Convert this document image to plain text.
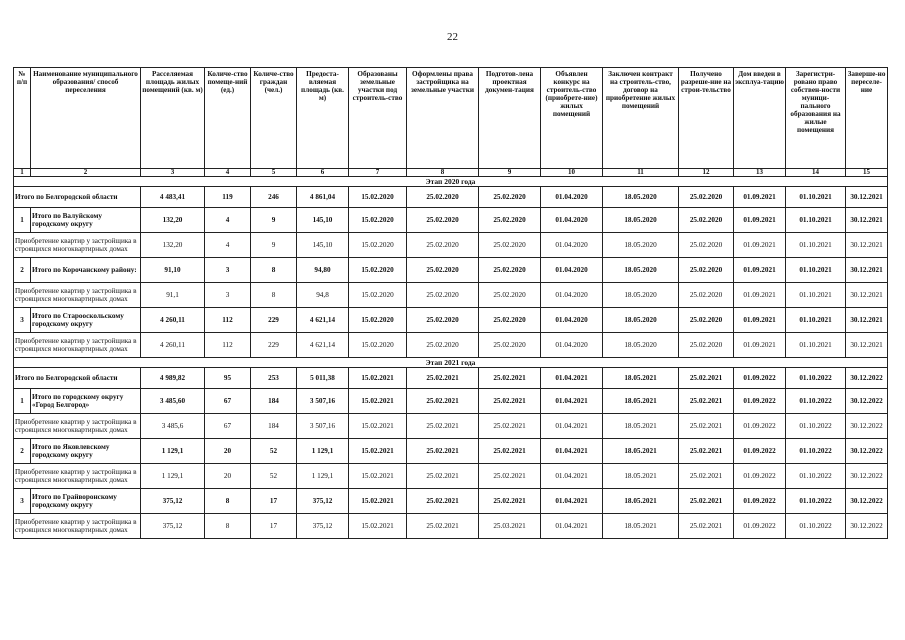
22
№ п/п	Наименование муниципального образования/ способ переселения	Расселяемая площадь жилых помещений (кв. м)	Количе-ство помеще-ний (ед.)	Количе-ство граждан (чел.)	Предоста-вляемая площадь (кв. м)	Образованы земельные участки под строитель-ство	Оформлены права застройщика на земельные участки	Подготов-лена проектная докумен-тация	Объявлен конкурс на строитель-ство (приобрете-ние) жилых помещений	Заключен контракт на строитель-ство, договор на приобретение жилых помещений	Получено разреше-ние на строи-тельство	Дом введен в эксплуа-тацию	Зарегистри-ровано право собствен-ности муници-пального образования на жилые помещения	Заверше-но переселе-ние
1	2	3	4	5	6	7	8	9	10	11	12	13	14	15
Этап 2020 года														
Итого по Белгородской области		4 483,41	119	246	4 861,04	15.02.2020	25.02.2020	25.02.2020	01.04.2020	18.05.2020	25.02.2020	01.09.2021	01.10.2021	30.12.2021
1	Итого по Валуйскому городскому округу	132,20	4	9	145,10	15.02.2020	25.02.2020	25.02.2020	01.04.2020	18.05.2020	25.02.2020	01.09.2021	01.10.2021	30.12.2021
Приобретение квартир у застройщика в строящихся многоквартирных домах		132,20	4	9	145,10	15.02.2020	25.02.2020	25.02.2020	01.04.2020	18.05.2020	25.02.2020	01.09.2021	01.10.2021	30.12.2021
2	Итого по Корочанскому району:	91,10	3	8	94,80	15.02.2020	25.02.2020	25.02.2020	01.04.2020	18.05.2020	25.02.2020	01.09.2021	01.10.2021	30.12.2021
Приобретение квартир у застройщика в строящихся многоквартирных домах		91,1	3	8	94,8	15.02.2020	25.02.2020	25.02.2020	01.04.2020	18.05.2020	25.02.2020	01.09.2021	01.10.2021	30.12.2021
3	Итого по Старооскольскому городскому округу	4 260,11	112	229	4 621,14	15.02.2020	25.02.2020	25.02.2020	01.04.2020	18.05.2020	25.02.2020	01.09.2021	01.10.2021	30.12.2021
Приобретение квартир у застройщика в строящихся многоквартирных домах		4 260,11	112	229	4 621,14	15.02.2020	25.02.2020	25.02.2020	01.04.2020	18.05.2020	25.02.2020	01.09.2021	01.10.2021	30.12.2021
Этап 2021 года														
Итого по Белгородской области		4 989,82	95	253	5 011,38	15.02.2021	25.02.2021	25.02.2021	01.04.2021	18.05.2021	25.02.2021	01.09.2022	01.10.2022	30.12.2022
1	Итого по городскому округу «Город Белгород»	3 485,60	67	184	3 507,16	15.02.2021	25.02.2021	25.02.2021	01.04.2021	18.05.2021	25.02.2021	01.09.2022	01.10.2022	30.12.2022
Приобретение квартир у застройщика в строящихся многоквартирных домах		3 485,6	67	184	3 507,16	15.02.2021	25.02.2021	25.02.2021	01.04.2021	18.05.2021	25.02.2021	01.09.2022	01.10.2022	30.12.2022
2	Итого по Яковлевскому городскому округу	1 129,1	20	52	1 129,1	15.02.2021	25.02.2021	25.02.2021	01.04.2021	18.05.2021	25.02.2021	01.09.2022	01.10.2022	30.12.2022
Приобретение квартир у застройщика в строящихся многоквартирных домах		1 129,1	20	52	1 129,1	15.02.2021	25.02.2021	25.02.2021	01.04.2021	18.05.2021	25.02.2021	01.09.2022	01.10.2022	30.12.2022
3	Итого по Грайворонскому городскому округу	375,12	8	17	375,12	15.02.2021	25.02.2021	25.02.2021	01.04.2021	18.05.2021	25.02.2021	01.09.2022	01.10.2022	30.12.2022
Приобретение квартир у застройщика в строящихся многоквартирных домах		375,12	8	17	375,12	15.02.2021	25.02.2021	25.03.2021	01.04.2021	18.05.2021	25.02.2021	01.09.2022	01.10.2022	30.12.2022
